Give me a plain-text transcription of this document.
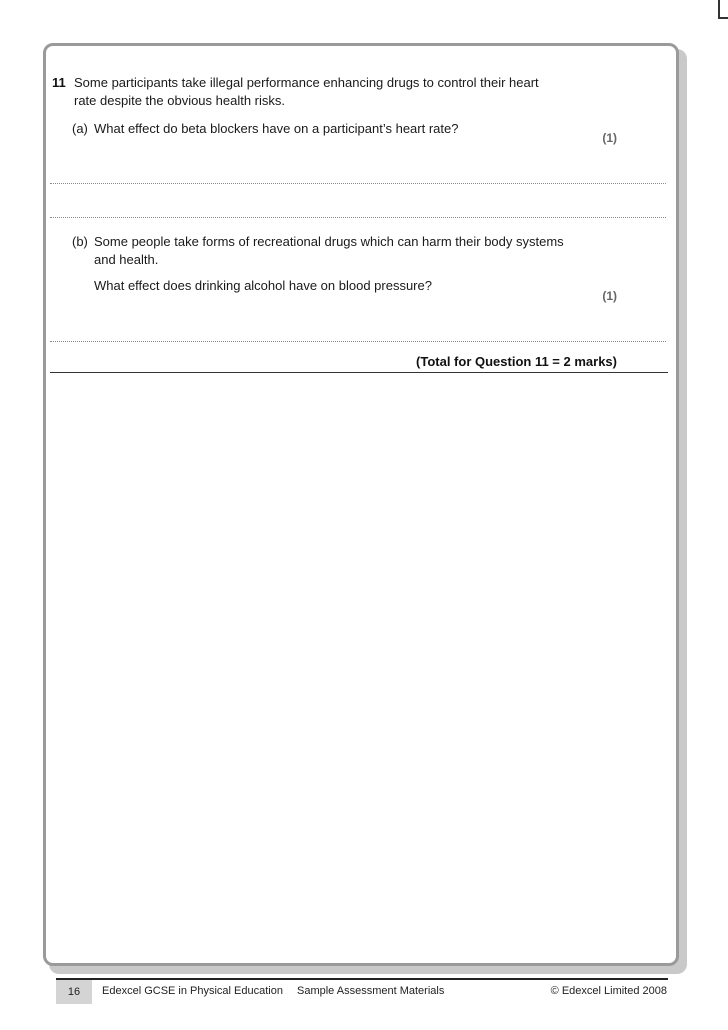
11 Some participants take illegal performance enhancing drugs to control their heart
rate despite the obvious health risks.
(a) What effect do beta blockers have on a participant’s heart rate?
(1)
(b) Some people take forms of recreational drugs which can harm their body systems
and health.
What effect does drinking alcohol have on blood pressure?
(1)
(Total for Question 11 = 2 marks)
16	Edexcel GCSE in Physical Education Sample Assessment Materials	© Edexcel Limited 2008
